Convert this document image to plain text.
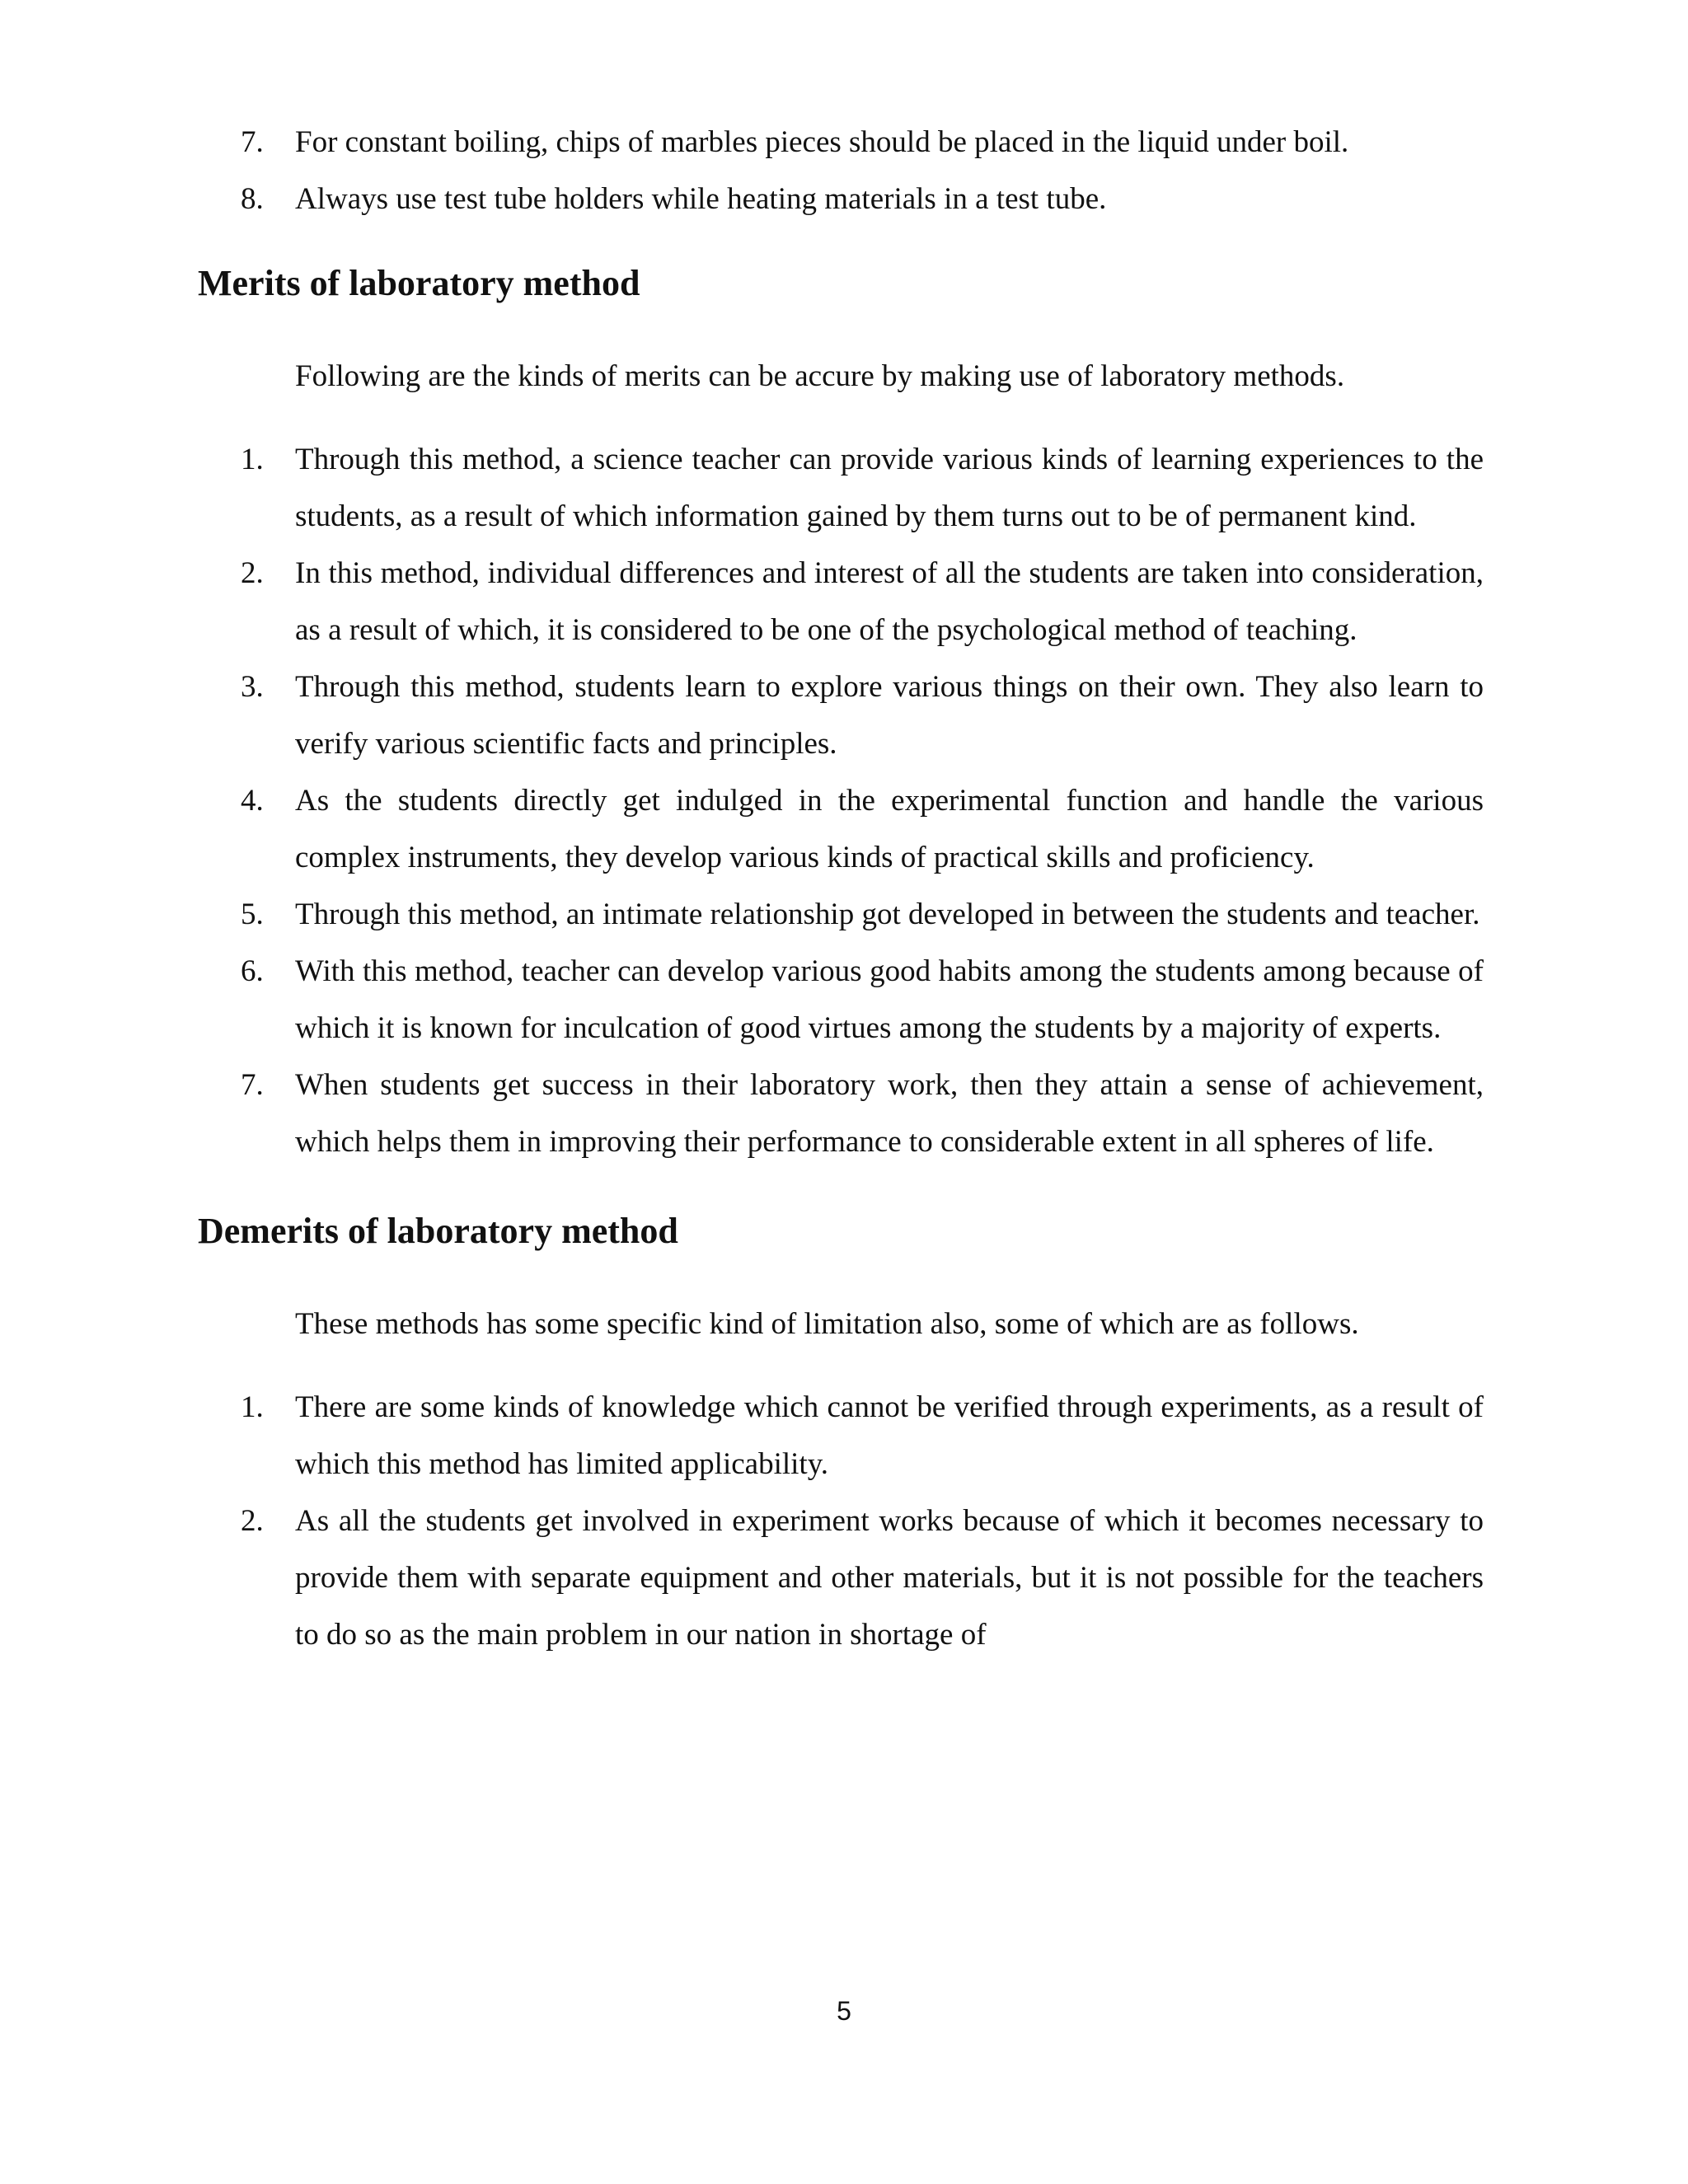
7. For constant boiling, chips of marbles pieces should be placed in the liquid under boil.
8. Always use test tube holders while heating materials in a test tube.
Merits of laboratory method

Following are the kinds of merits can be accure by making use of laboratory methods.

1. Through this method, a science teacher can provide various kinds of learning experiences to the students, as a result of which information gained by them turns out to be of permanent kind.
2. In this method, individual differences and interest of all the students are taken into consideration, as a result of which, it is considered to be one of the psychological method of teaching.
3. Through this method, students learn to explore various things on their own. They also learn to verify various scientific facts and principles.
4. As the students directly get indulged in the experimental function and handle the various complex instruments, they develop various kinds of practical skills and proficiency.
5. Through this method, an intimate relationship got developed in between the students and teacher.
6. With this method, teacher can develop various good habits among the students among because of which it is known for inculcation of good virtues among the students by a majority of experts.
7. When students get success in their laboratory work, then they attain a sense of achievement, which helps them in improving their performance to considerable extent in all spheres of life.
Demerits of laboratory method

These methods has some specific kind of limitation also, some of which are as follows.

1. There are some kinds of knowledge which cannot be verified through experiments, as a result of which this method has limited applicability.
2. As all the students get involved in experiment works because of which it becomes necessary to provide them with separate equipment and other materials, but it is not possible for the teachers to do so as the main problem in our nation in shortage of
5
